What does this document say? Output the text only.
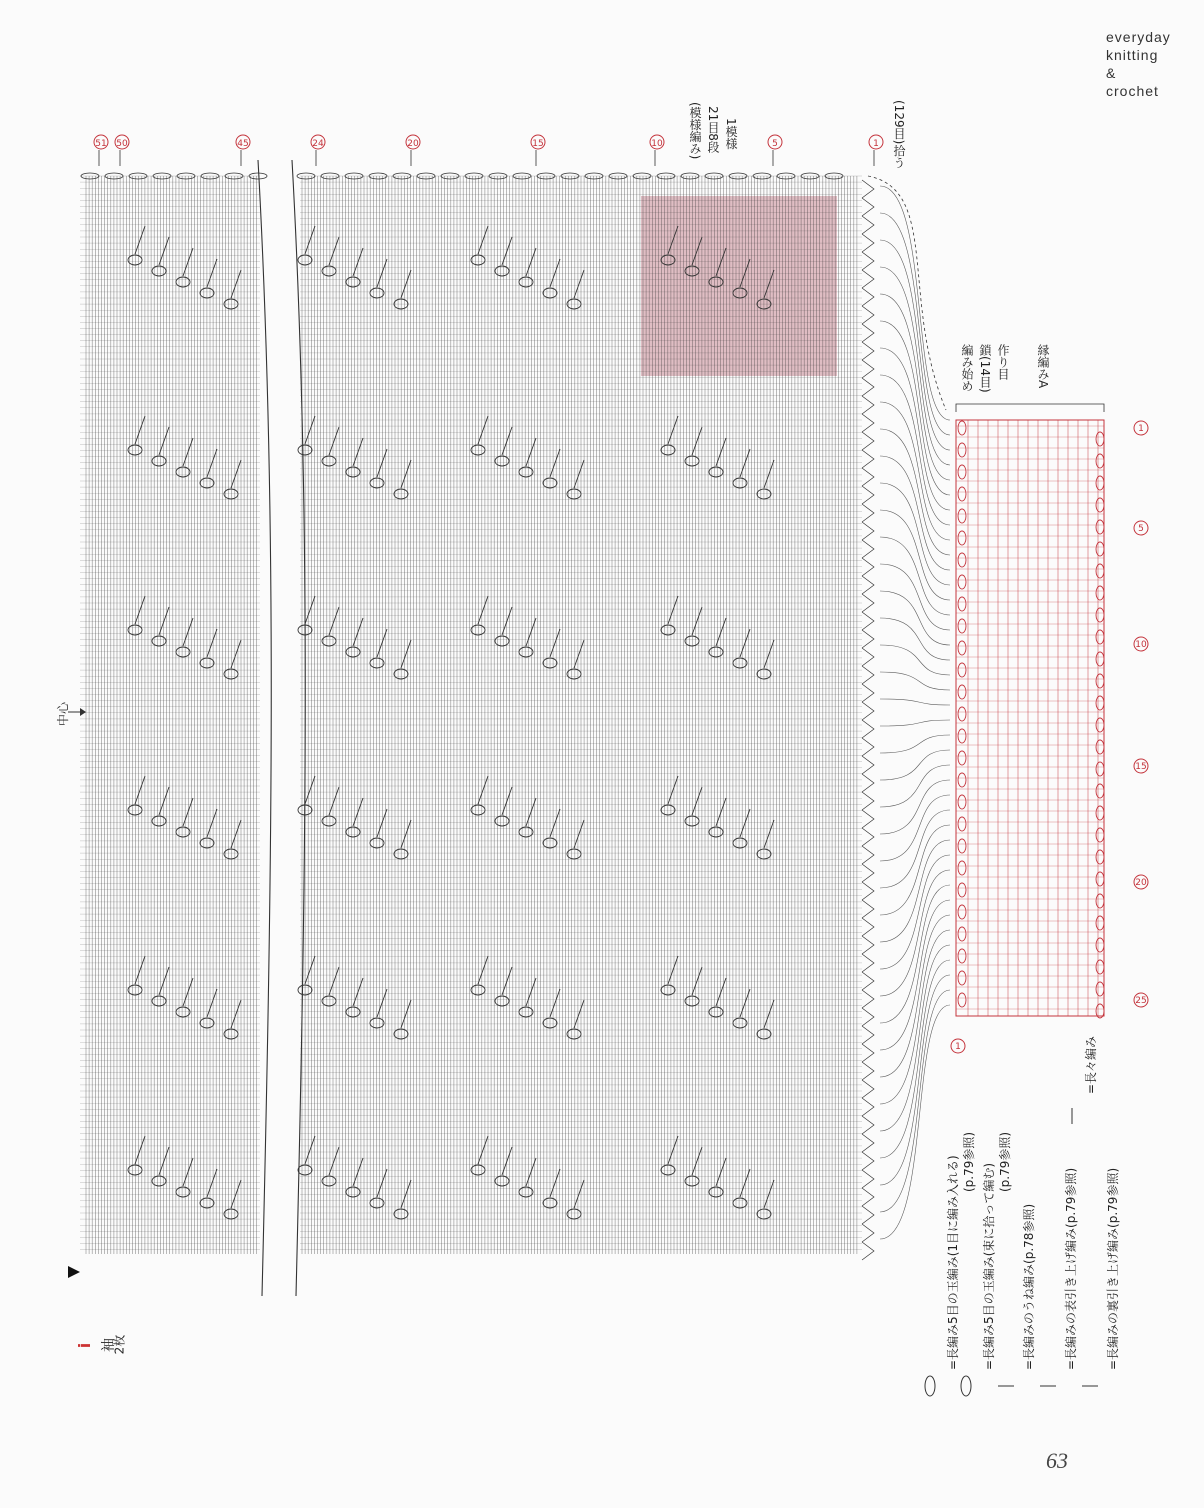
51 50	45	24	20	15	10	5	1
1
5
10
15
20
25
1
everyday
knitting
&
crochet
63
i 袖
2枚
中心
(129目)拾う
(模様編み) 21目8段 1模様
編み始め 鎖(14目) 作り目 縁編みA
=長々編み
=長編み5目の玉編み(1目に編み入れる) (p.79参照)
=長編み5目の玉編み(束に拾って編む)
(p.79参照)
=長編みのうね編み(p.78参照) =長編みの表引き上げ編み(p.79参照) =長編みの裏引き上げ編み(p.79参照)
